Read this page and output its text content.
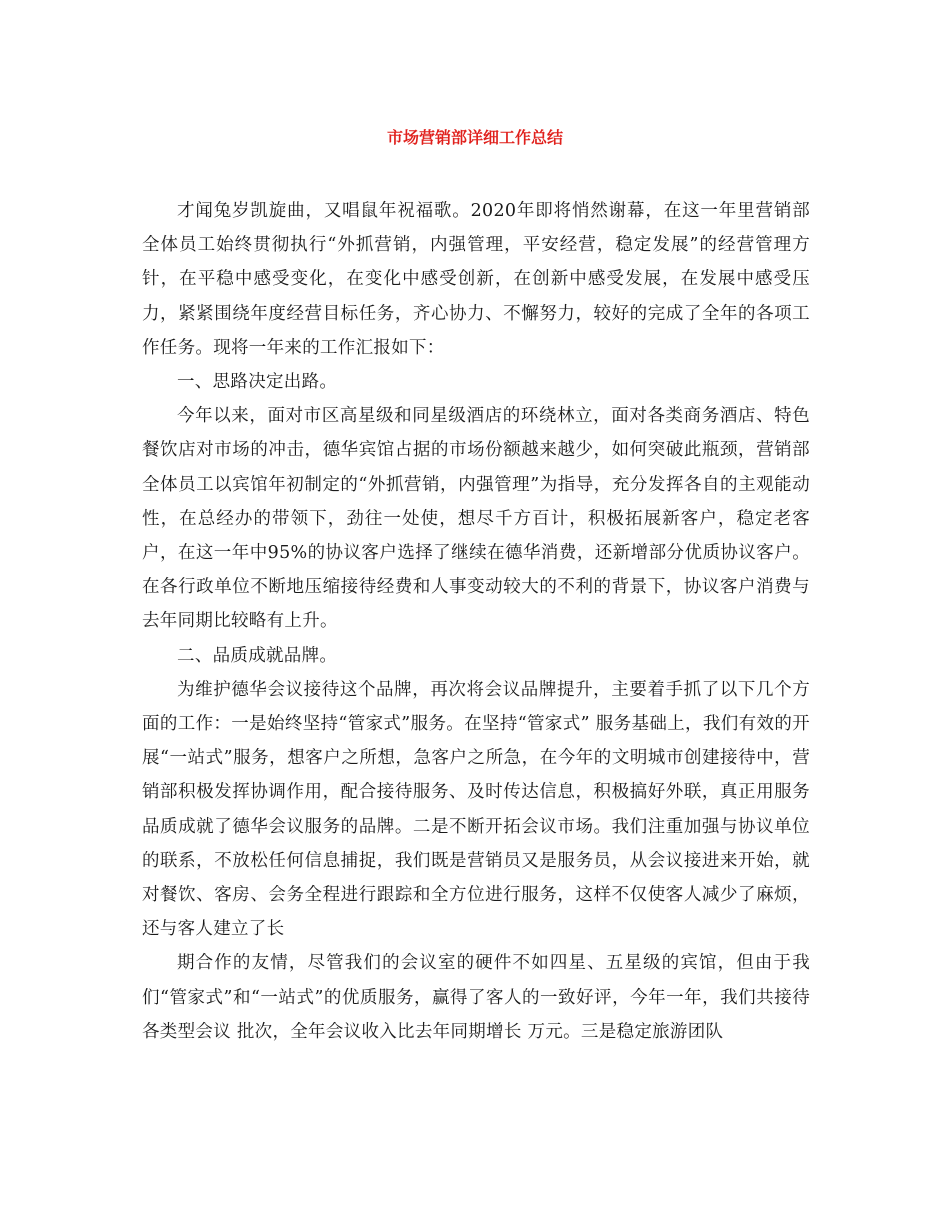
市场营销部详细工作总结

才闻兔岁凯旋曲，又唱鼠年祝福歌。2020年即将悄然谢幕，在这一年里营销部全体员工始终贯彻执行“外抓营销，内强管理，平安经营，稳定发展”的经营管理方针，在平稳中感受变化，在变化中感受创新，在创新中感受发展，在发展中感受压力，紧紧围绕年度经营目标任务，齐心协力、不懈努力，较好的完成了全年的各项工作任务。现将一年来的工作汇报如下：

一、思路决定出路。

今年以来，面对市区高星级和同星级酒店的环绕林立，面对各类商务酒店、特色餐饮店对市场的冲击，德华宾馆占据的市场份额越来越少，如何突破此瓶颈，营销部全体员工以宾馆年初制定的“外抓营销，内强管理”为指导，充分发挥各自的主观能动性，在总经办的带领下，劲往一处使，想尽千方百计，积极拓展新客户，稳定老客户，在这一年中95%的协议客户选择了继续在德华消费，还新增部分优质协议客户。在各行政单位不断地压缩接待经费和人事变动较大的不利的背景下，协议客户消费与去年同期比较略有上升。

二、品质成就品牌。

为维护德华会议接待这个品牌，再次将会议品牌提升，主要着手抓了以下几个方面的工作：一是始终坚持“管家式”服务。在坚持“管家式” 服务基础上，我们有效的开展“一站式”服务，想客户之所想，急客户之所急，在今年的文明城市创建接待中，营销部积极发挥协调作用，配合接待服务、及时传达信息，积极搞好外联，真正用服务品质成就了德华会议服务的品牌。二是不断开拓会议市场。我们注重加强与协议单位的联系，不放松任何信息捕捉，我们既是营销员又是服务员，从会议接进来开始，就对餐饮、客房、会务全程进行跟踪和全方位进行服务，这样不仅使客人减少了麻烦，还与客人建立了长

期合作的友情，尽管我们的会议室的硬件不如四星、五星级的宾馆，但由于我们“管家式”和“一站式”的优质服务，赢得了客人的一致好评，今年一年，我们共接待各类型会议 批次，全年会议收入比去年同期增长 万元。三是稳定旅游团队
